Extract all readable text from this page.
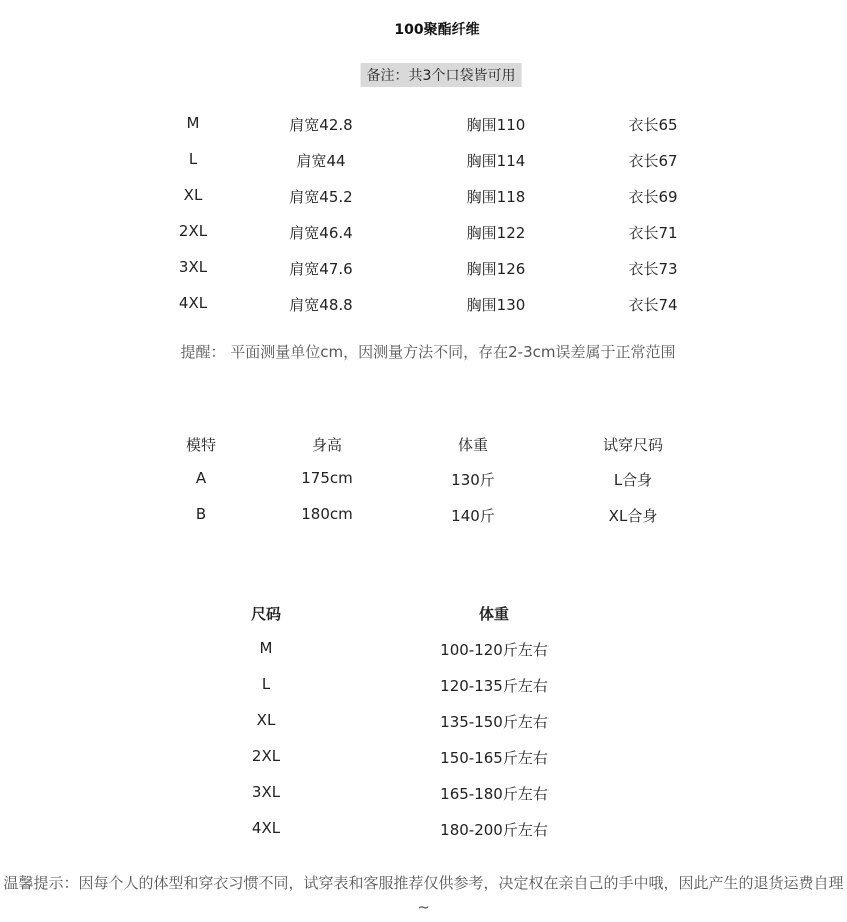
100聚酯纤维
备注：共3个口袋皆可用
M	肩宽42.8	胸围110	衣长65
L	肩宽44	胸围114	衣长67
XL	肩宽45.2	胸围118	衣长69
2XL	肩宽46.4	胸围122	衣长71
3XL	肩宽47.6	胸围126	衣长73
4XL	肩宽48.8	胸围130	衣长74
提醒： 平面测量单位cm，因测量方法不同，存在2-3cm误差属于正常范围
模特	身高	体重	试穿尺码
A	175cm	130斤	L合身
B	180cm	140斤	XL合身
尺码	体重
M	100-120斤左右
L	120-135斤左右
XL	135-150斤左右
2XL	150-165斤左右
3XL	165-180斤左右
4XL	180-200斤左右
温馨提示：因每个人的体型和穿衣习惯不同，试穿表和客服推荐仅供参考，决定权在亲自己的手中哦，因此产生的退货运费自理~
